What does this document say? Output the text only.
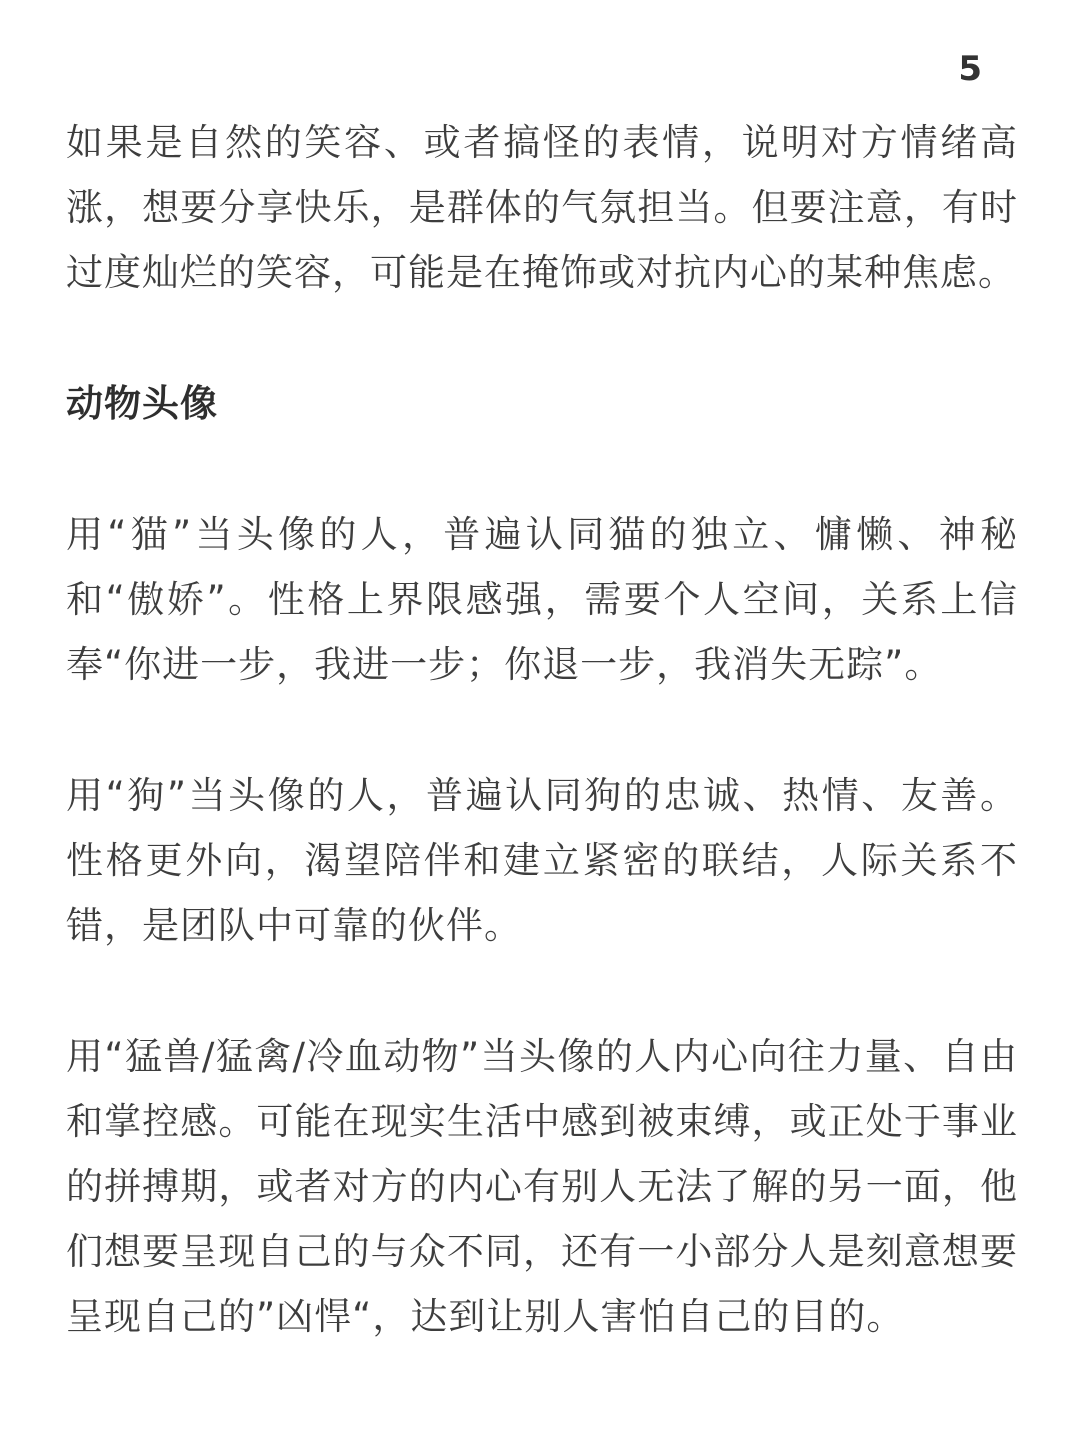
5

如果是自然的笑容、或者搞怪的表情，说明对方情绪高涨，想要分享快乐，是群体的气氛担当。但要注意，有时过度灿烂的笑容，可能是在掩饰或对抗内心的某种焦虑。

动物头像

用“猫”当头像的人，普遍认同猫的独立、慵懒、神秘和“傲娇”。性格上界限感强，需要个人空间，关系上信奉“你进一步，我进一步；你退一步，我消失无踪”。

用“狗”当头像的人，普遍认同狗的忠诚、热情、友善。性格更外向，渴望陪伴和建立紧密的联结，人际关系不错，是团队中可靠的伙伴。

用“猛兽/猛禽/冷血动物”当头像的人内心向往力量、自由和掌控感。可能在现实生活中感到被束缚，或正处于事业的拼搏期，或者对方的内心有别人无法了解的另一面，他们想要呈现自己的与众不同，还有一小部分人是刻意想要呈现自己的”凶悍“，达到让别人害怕自己的目的。
